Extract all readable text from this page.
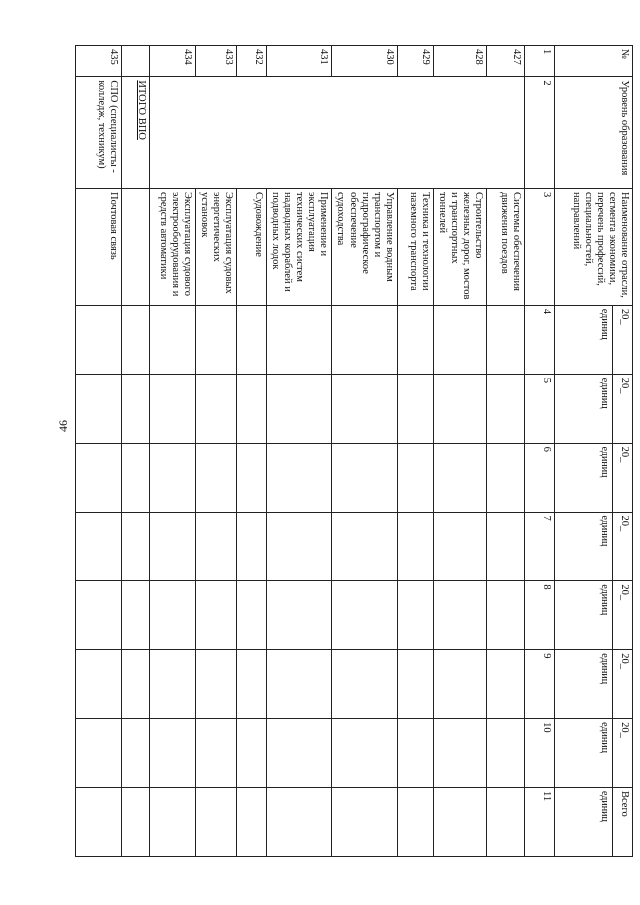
46
№	Уровень образования	Наименование отрасли, сегмента экономики, перечень профессий, специальностей, направлений	20_	20_	20_	20_	20_	20_	20_	Всего
			единиц	единиц	единиц	единиц	единиц	единиц	единиц	единиц
1	2	3	4	5	6	7	8	9	10	11
427		Системы обеспечения движения поездов								
428		Строительство железных дорог, мостов и транспортных тоннелей								
429		Техника и технологии наземного транспорта								
430		Управление водным транспортом и гидрографическое обеспечение судоходства								
431		Применение и эксплуатация технических систем надводных кораблей и подводных лодок								
432		Судовождение								
433		Эксплуатация судовых энергетических установок								
434		Эксплуатация судового электрооборудования и средств автоматики								
	ИТОГО ВПО									
435	СПО (специалисты - колледж, техникум)	Почтовая связь								
